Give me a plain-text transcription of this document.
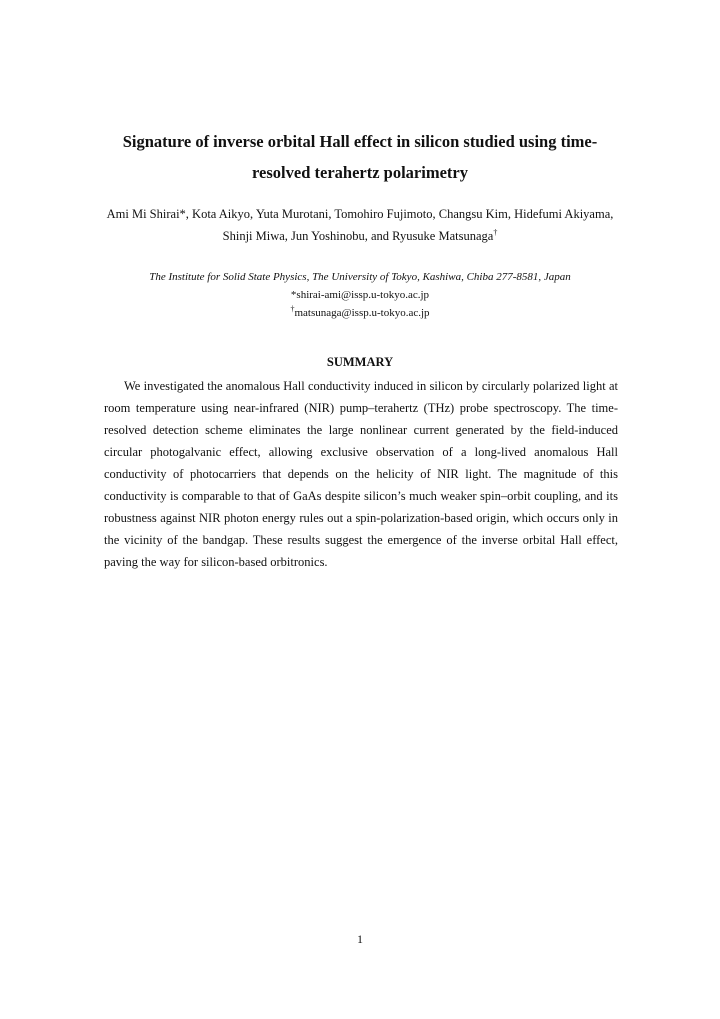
Signature of inverse orbital Hall effect in silicon studied using time-resolved terahertz polarimetry
Ami Mi Shirai*, Kota Aikyo, Yuta Murotani, Tomohiro Fujimoto, Changsu Kim, Hidefumi Akiyama, Shinji Miwa, Jun Yoshinobu, and Ryusuke Matsunaga†
The Institute for Solid State Physics, The University of Tokyo, Kashiwa, Chiba 277-8581, Japan
*shirai-ami@issp.u-tokyo.ac.jp
†matsunaga@issp.u-tokyo.ac.jp
SUMMARY

We investigated the anomalous Hall conductivity induced in silicon by circularly polarized light at room temperature using near-infrared (NIR) pump–terahertz (THz) probe spectroscopy. The time-resolved detection scheme eliminates the large nonlinear current generated by the field-induced circular photogalvanic effect, allowing exclusive observation of a long-lived anomalous Hall conductivity of photocarriers that depends on the helicity of NIR light. The magnitude of this conductivity is comparable to that of GaAs despite silicon’s much weaker spin–orbit coupling, and its robustness against NIR photon energy rules out a spin-polarization-based origin, which occurs only in the vicinity of the bandgap. These results suggest the emergence of the inverse orbital Hall effect, paving the way for silicon-based orbitronics.

1
